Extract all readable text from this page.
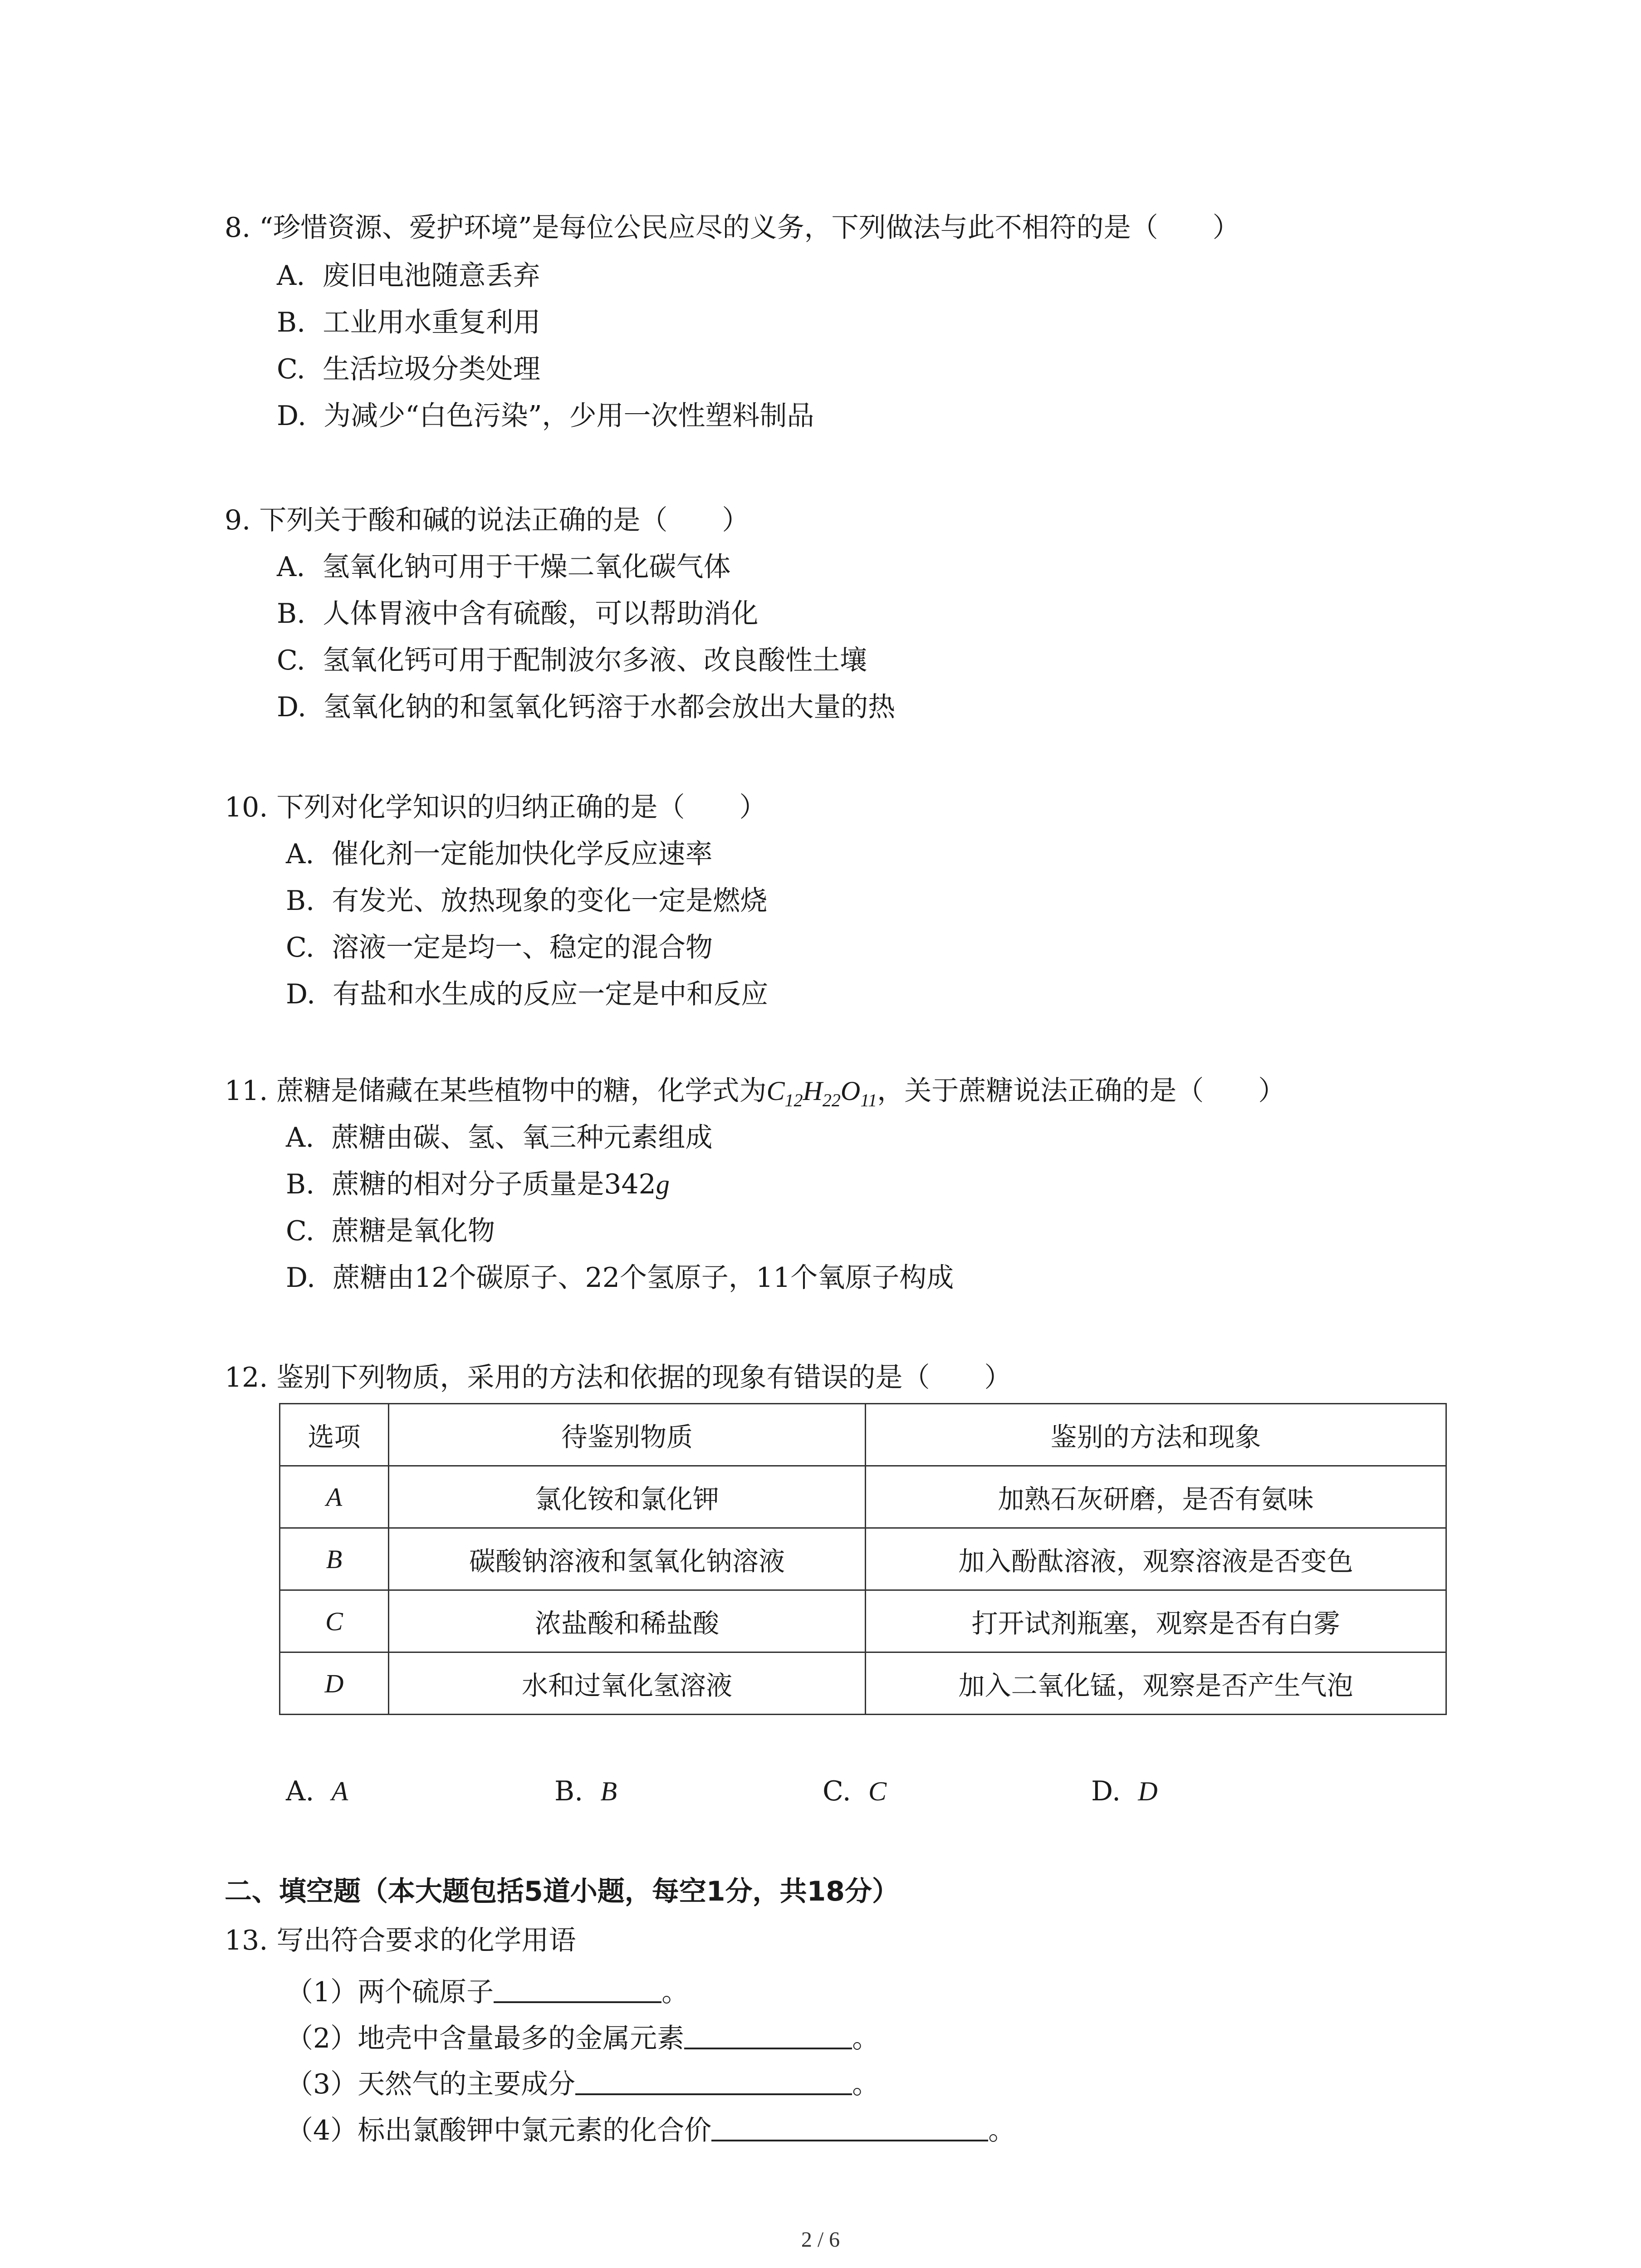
8. “珍惜资源、爱护环境”是每位公民应尽的义务，下列做法与此不相符的是（　　）
A. 废旧电池随意丢弃
B. 工业用水重复利用
C. 生活垃圾分类处理
D. 为减少“白色污染”，少用一次性塑料制品
9. 下列关于酸和碱的说法正确的是（　　）
A. 氢氧化钠可用于干燥二氧化碳气体
B. 人体胃液中含有硫酸，可以帮助消化
C. 氢氧化钙可用于配制波尔多液、改良酸性土壤
D. 氢氧化钠的和氢氧化钙溶于水都会放出大量的热
10. 下列对化学知识的归纳正确的是（　　）
A. 催化剂一定能加快化学反应速率
B. 有发光、放热现象的变化一定是燃烧
C. 溶液一定是均一、稳定的混合物
D. 有盐和水生成的反应一定是中和反应
11. 蔗糖是储藏在某些植物中的糖，化学式为$C_{12}H_{22}O_{11}$，关于蔗糖说法正确的是（　　）
A. 蔗糖由碳、氢、氧三种元素组成
B. 蔗糖的相对分子质量是342g
C. 蔗糖是氧化物
D. 蔗糖由12个碳原子、22个氢原子，11个氧原子构成
12. 鉴别下列物质，采用的方法和依据的现象有错误的是（　　）
选项	待鉴别物质	鉴别的方法和现象
A	氯化铵和氯化钾	加熟石灰研磨，是否有氨味
B	碳酸钠溶液和氢氧化钠溶液	加入酚酞溶液，观察溶液是否变色
C	浓盐酸和稀盐酸	打开试剂瓶塞，观察是否有白雾
D	水和过氧化氢溶液	加入二氧化锰，观察是否产生气泡
A. A	B. B	C. C	D. D
二、填空题（本大题包括5道小题，每空1分，共18分）
13. 写出符合要求的化学用语
（1）两个硫原子	。
（2）地壳中含量最多的金属元素	。
（3）天然气的主要成分	。
（4）标出氯酸钾中氯元素的化合价	。
2 / 6
